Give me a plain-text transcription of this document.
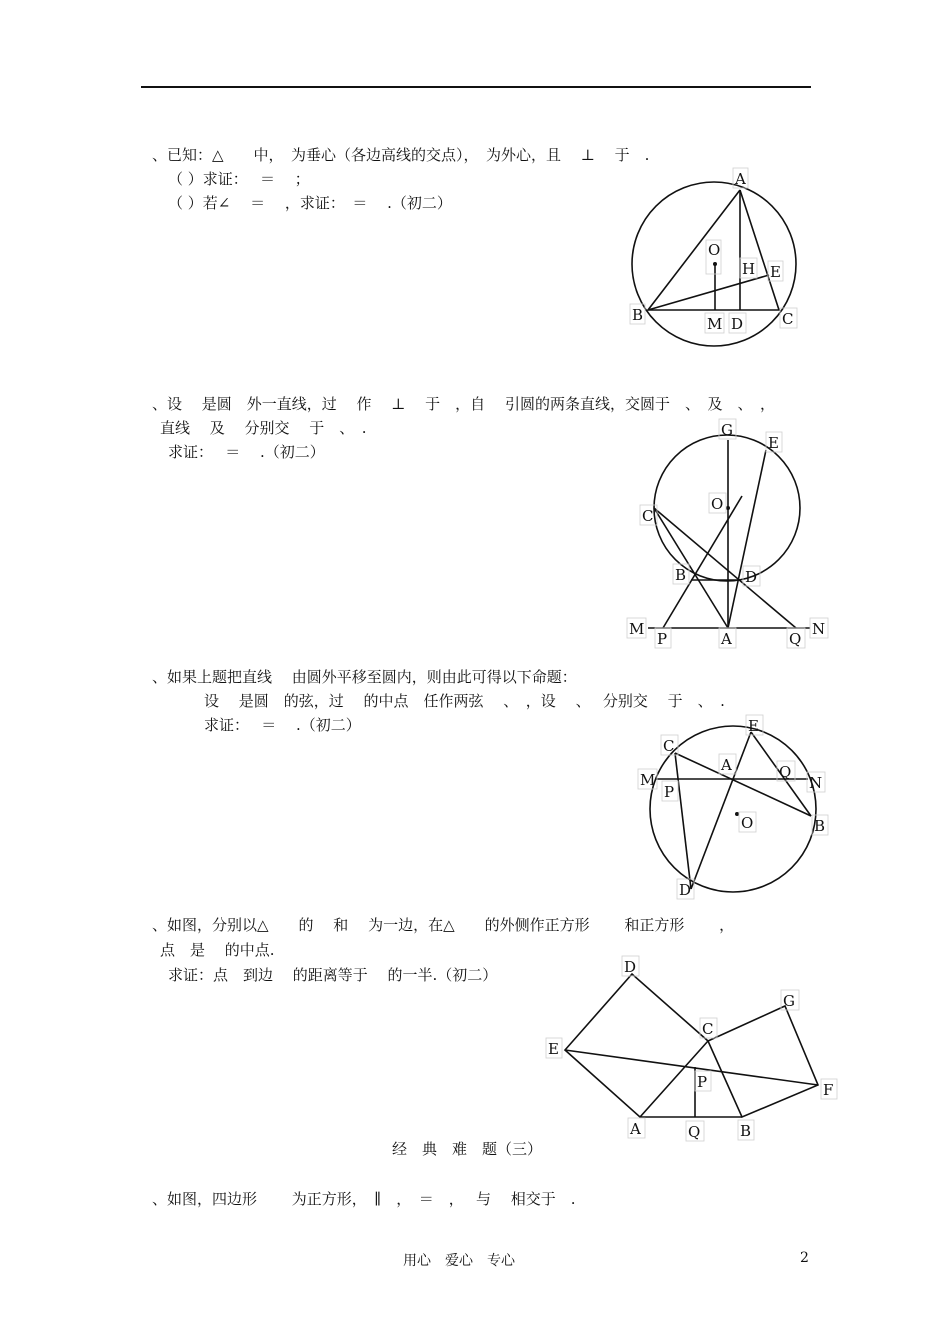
、已知：△　　中，　为垂心（各边高线的交点），　为外心，且　 ⊥　 于　.
（ ）求证：　 ＝　 ；
（ ）若∠　 ＝　 ，求证：　＝　 .（初二）
、设　 是圆　外一直线，过　 作　 ⊥　 于　，自　 引圆的两条直线，交圆于　、　及　、　，
直线　 及　 分别交　 于　、　.
求证：　 ＝　 .（初二）
、如果上题把直线　 由圆外平移至圆内，则由此可得以下命题：
设　 是圆　的弦，过　 的中点　任作两弦　 、　，设　 、　 分别交　 于　、　.
求证：　 ＝　 .（初二）
、如图，分别以△　　的　 和　 为一边，在△　　的外侧作正方形　　 和正方形　　 ，
点　是　 的中点.
求证：点　到边　 的距离等于　 的一半.（初二）
经　典　难　题（三）
、如图，四边形　　 为正方形，　∥　，　＝　，　 与　 相交于　.
用心　爱心　专心	2
A
O
H E
B	M D	C
G
E
O
C
B	D
M
P	A	Q
N
E
C
A
M	Q
N
P
O	B
D
D
G
C
E
P	F
A	Q	B
